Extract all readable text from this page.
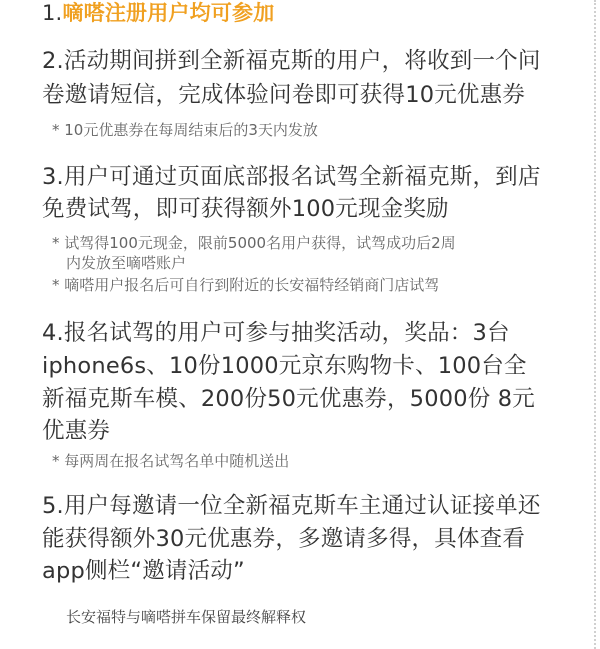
1.嘀嗒注册用户均可参加
2.活动期间拼到全新福克斯的用户，将收到一个问
卷邀请短信，完成体验问卷即可获得10元优惠券
* 10元优惠券在每周结束后的3天内发放
3.用户可通过页面底部报名试驾全新福克斯，到店
免费试驾，即可获得额外100元现金奖励
* 试驾得100元现金，限前5000名用户获得，试驾成功后2周
内发放至嘀嗒账户
* 嘀嗒用户报名后可自行到附近的长安福特经销商门店试驾
4.报名试驾的用户可参与抽奖活动，奖品：3台
iphone6s、10份1000元京东购物卡、100台全
新福克斯车模、200份50元优惠券，5000份 8元
优惠券
* 每两周在报名试驾名单中随机送出
5.用户每邀请一位全新福克斯车主通过认证接单还
能获得额外30元优惠券，多邀请多得，具体查看
app侧栏“邀请活动”
长安福特与嘀嗒拼车保留最终解释权
